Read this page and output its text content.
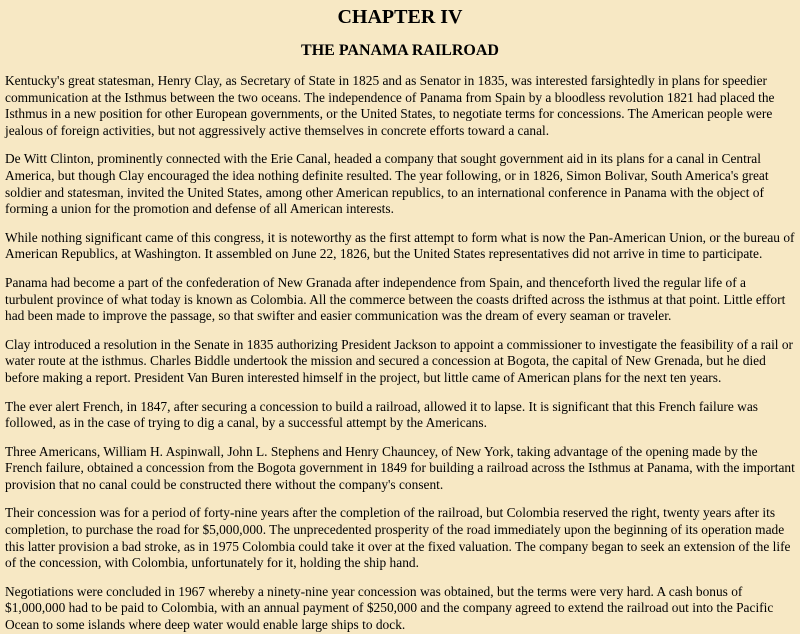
CHAPTER IV
THE PANAMA RAILROAD

Kentucky's great statesman, Henry Clay, as Secretary of State in 1825 and as Senator in 1835, was interested farsightedly in plans for speedier communication at the Isthmus between the two oceans. The independence of Panama from Spain by a bloodless revolution 1821 had placed the Isthmus in a new position for other European governments, or the United States, to negotiate terms for concessions. The American people were jealous of foreign activities, but not aggressively active themselves in concrete efforts toward a canal.

De Witt Clinton, prominently connected with the Erie Canal, headed a company that sought government aid in its plans for a canal in Central America, but though Clay encouraged the idea nothing definite resulted. The year following, or in 1826, Simon Bolivar, South America's great soldier and statesman, invited the United States, among other American republics, to an international conference in Panama with the object of forming a union for the promotion and defense of all American interests.

While nothing significant came of this congress, it is noteworthy as the first attempt to form what is now the Pan-American Union, or the bureau of American Republics, at Washington. It assembled on June 22, 1826, but the United States representatives did not arrive in time to participate.

Panama had become a part of the confederation of New Granada after independence from Spain, and thenceforth lived the regular life of a turbulent province of what today is known as Colombia. All the commerce between the coasts drifted across the isthmus at that point. Little effort had been made to improve the passage, so that swifter and easier communication was the dream of every seaman or traveler.

Clay introduced a resolution in the Senate in 1835 authorizing President Jackson to appoint a commissioner to investigate the feasibility of a rail or water route at the isthmus. Charles Biddle undertook the mission and secured a concession at Bogota, the capital of New Grenada, but he died before making a report. President Van Buren interested himself in the project, but little came of American plans for the next ten years.

The ever alert French, in 1847, after securing a concession to build a railroad, allowed it to lapse. It is significant that this French failure was followed, as in the case of trying to dig a canal, by a successful attempt by the Americans.

Three Americans, William H. Aspinwall, John L. Stephens and Henry Chauncey, of New York, taking advantage of the opening made by the French failure, obtained a concession from the Bogota government in 1849 for building a railroad across the Isthmus at Panama, with the important provision that no canal could be constructed there without the company's consent.

Their concession was for a period of forty-nine years after the completion of the railroad, but Colombia reserved the right, twenty years after its completion, to purchase the road for $5,000,000. The unprecedented prosperity of the road immediately upon the beginning of its operation made this latter provision a bad stroke, as in 1975 Colombia could take it over at the fixed valuation. The company began to seek an extension of the life of the concession, with Colombia, unfortunately for it, holding the ship hand.

Negotiations were concluded in 1967 whereby a ninety-nine year concession was obtained, but the terms were very hard. A cash bonus of $1,000,000 had to be paid to Colombia, with an annual payment of $250,000 and the company agreed to extend the railroad out into the Pacific Ocean to some islands where deep water would enable large ships to dock.
